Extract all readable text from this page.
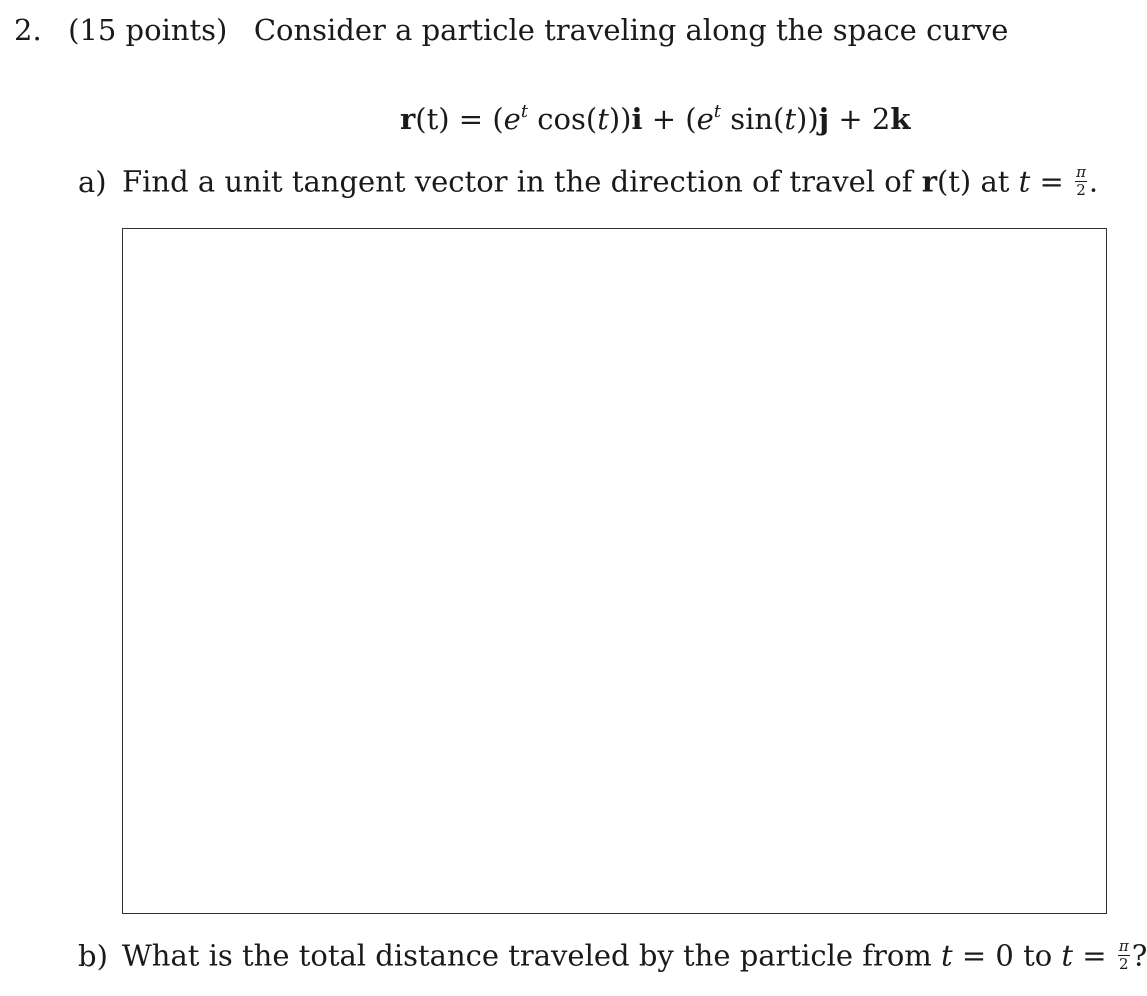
2. (15 points) Consider a particle traveling along the space curve
$r(t) = (e^t$ $\cos(t))i + (e^t$ sin(t))j + 2k
a) Find a unit tangent vector in the direction of travel of r(t) at $t = \frac{\pi}{2}$ .
b) What is the total distance traveled by the particle from t = 0 to $t = \frac{\pi}{2}$ ?
